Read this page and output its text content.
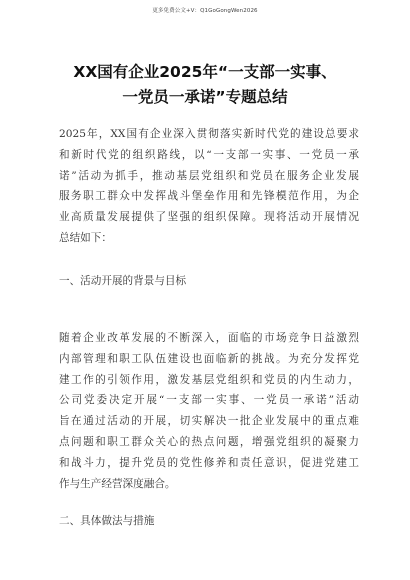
更多免费公文+V：Q1GoGongWen2026
XX国有企业2025年“一支部一实事、
一党员一承诺”专题总结
2025年，XX国有企业深入贯彻落实新时代党的建设总要求
和新时代党的组织路线，以“一支部一实事、一党员一承
诺”活动为抓手，推动基层党组织和党员在服务企业发展
服务职工群众中发挥战斗堡垒作用和先锋模范作用，为企
业高质量发展提供了坚强的组织保障。现将活动开展情况
总结如下：
一、活动开展的背景与目标
随着企业改革发展的不断深入，面临的市场竞争日益激烈
内部管理和职工队伍建设也面临新的挑战。为充分发挥党
建工作的引领作用，激发基层党组织和党员的内生动力，
公司党委决定开展“一支部一实事、一党员一承诺”活动
旨在通过活动的开展，切实解决一批企业发展中的重点难
点问题和职工群众关心的热点问题，增强党组织的凝聚力
和战斗力，提升党员的党性修养和责任意识，促进党建工
作与生产经营深度融合。
二、具体做法与措施
